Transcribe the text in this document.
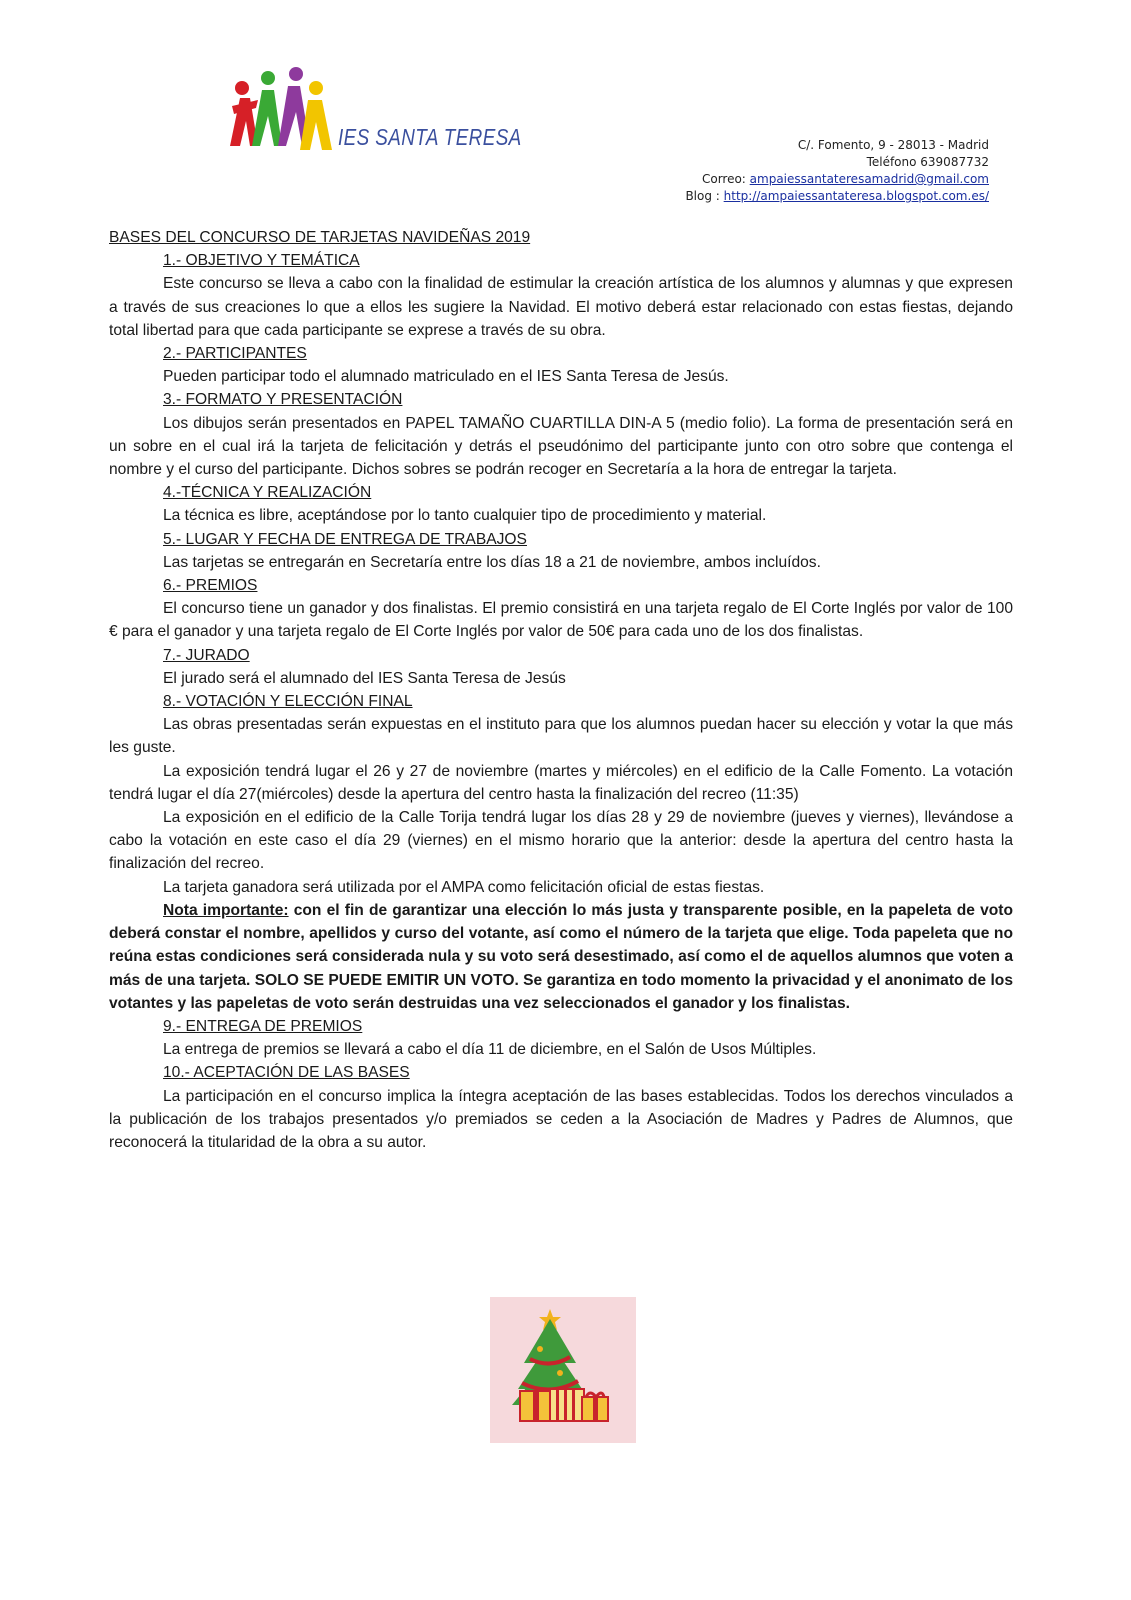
IES SANTA TERESA	C/. Fomento, 9 - 28013 - Madrid
Teléfono 639087732
Correo: ampaiessantateresamadrid@gmail.com
Blog : http://ampaiessantateresa.blogspot.com.es/

BASES DEL CONCURSO DE TARJETAS NAVIDEÑAS 2019

1.- OBJETIVO Y TEMÁTICA

Este concurso se lleva a cabo con la finalidad de estimular la creación artística de los alumnos y alumnas y que expresen a través de sus creaciones lo que a ellos les sugiere la Navidad. El motivo deberá estar relacionado con estas fiestas, dejando total libertad para que cada participante se exprese a través de su obra.

2.- PARTICIPANTES

Pueden participar todo el alumnado matriculado en el IES Santa Teresa de Jesús.

3.- FORMATO Y PRESENTACIÓN

Los dibujos serán presentados en PAPEL TAMAÑO CUARTILLA DIN-A 5 (medio folio). La forma de presentación será en un sobre en el cual irá la tarjeta de felicitación y detrás el pseudónimo del participante junto con otro sobre que contenga el nombre y el curso del participante. Dichos sobres se podrán recoger en Secretaría a la hora de entregar la tarjeta.

4.-TÉCNICA Y REALIZACIÓN

La técnica es libre, aceptándose por lo tanto cualquier tipo de procedimiento y material.

5.- LUGAR Y FECHA DE ENTREGA DE TRABAJOS

Las tarjetas se entregarán en Secretaría entre los días 18 a 21 de noviembre, ambos incluídos.

6.- PREMIOS

El concurso tiene un ganador y dos finalistas. El premio consistirá en una tarjeta regalo de El Corte Inglés por valor de 100 € para el ganador y una tarjeta regalo de El Corte Inglés por valor de 50€ para cada uno de los dos finalistas.

7.- JURADO

El jurado será el alumnado del IES Santa Teresa de Jesús

8.- VOTACIÓN Y ELECCIÓN FINAL

Las obras presentadas serán expuestas en el instituto para que los alumnos puedan hacer su elección y votar la que más les guste.

La exposición tendrá lugar el 26 y 27 de noviembre (martes y miércoles) en el edificio de la Calle Fomento. La votación tendrá lugar el día 27(miércoles) desde la apertura del centro hasta la finalización del recreo (11:35)

La exposición en el edificio de la Calle Torija tendrá lugar los días 28 y 29 de noviembre (jueves y viernes), llevándose a cabo la votación en este caso el día 29 (viernes) en el mismo horario que la anterior: desde la apertura del centro hasta la finalización del recreo.

La tarjeta ganadora será utilizada por el AMPA como felicitación oficial de estas fiestas.

Nota importante: con el fin de garantizar una elección lo más justa y transparente posible, en la papeleta de voto deberá constar el nombre, apellidos y curso del votante, así como el número de la tarjeta que elige. Toda papeleta que no reúna estas condiciones será considerada nula y su voto será desestimado, así como el de aquellos alumnos que voten a más de una tarjeta. SOLO SE PUEDE EMITIR UN VOTO. Se garantiza en todo momento la privacidad y el anonimato de los votantes y las papeletas de voto serán destruidas una vez seleccionados el ganador y los finalistas.

9.- ENTREGA DE PREMIOS

La entrega de premios se llevará a cabo el día 11 de diciembre, en el Salón de Usos Múltiples.

10.- ACEPTACIÓN DE LAS BASES

La participación en el concurso implica la íntegra aceptación de las bases establecidas. Todos los derechos vinculados a la publicación de los trabajos presentados y/o premiados se ceden a la Asociación de Madres y Padres de Alumnos, que reconocerá la titularidad de la obra a su autor.
